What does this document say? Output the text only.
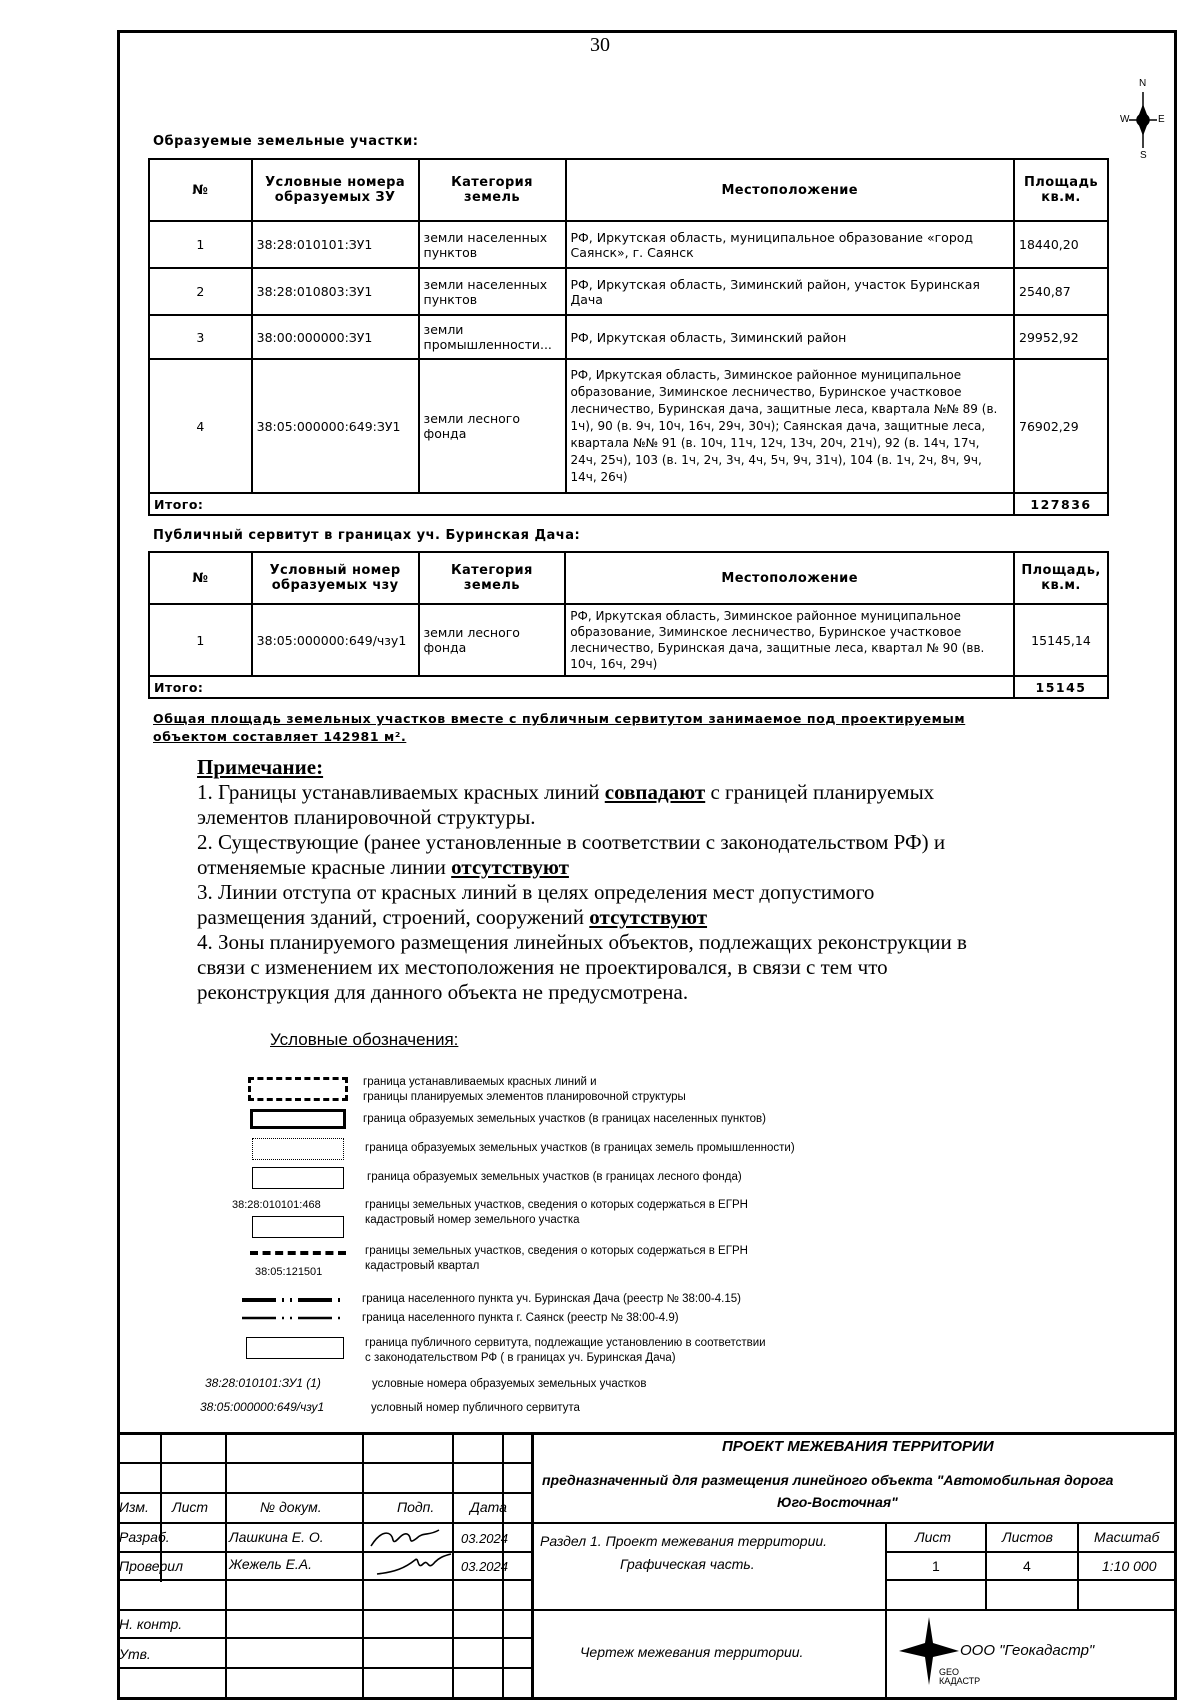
30
N
S
W	E
Образуемые земельные участки:
№	Условные номера образуемых ЗУ	Категория земель	Местоположение	Площадь кв.м.
1	38:28:010101:ЗУ1	земли населенных пунктов	РФ, Иркутская область, муниципальное образование «город Саянск», г. Саянск	18440,20
2	38:28:010803:ЗУ1	земли населенных пунктов	РФ, Иркутская область, Зиминский район, участок Буринская Дача	2540,87
3	38:00:000000:ЗУ1	земли промышленности...	РФ, Иркутская область, Зиминский район	29952,92
4	38:05:000000:649:ЗУ1	земли лесного фонда	РФ, Иркутская область, Зиминское районное муниципальное образование, Зиминское лесничество, Буринское участковое лесничество, Буринская дача, защитные леса, квартала №№ 89 (в. 1ч), 90 (в. 9ч, 10ч, 16ч, 29ч, 30ч); Саянская дача, защитные леса, квартала №№ 91 (в. 10ч, 11ч, 12ч, 13ч, 20ч, 21ч), 92 (в. 14ч, 17ч, 24ч, 25ч), 103 (в. 1ч, 2ч, 3ч, 4ч, 5ч, 9ч, 31ч), 104 (в. 1ч, 2ч, 8ч, 9ч, 14ч, 26ч)	76902,29
Итого:				127836
Публичный сервитут в границах уч. Буринская Дача:
№	Условный номер образуемых чзу	Категория земель	Местоположение	Площадь, кв.м.
1	38:05:000000:649/чзу1	земли лесного фонда	РФ, Иркутская область, Зиминское районное муниципальное образование, Зиминское лесничество, Буринское участковое лесничество, Буринская дача, защитные леса, квартал № 90 (вв. 10ч, 16ч, 29ч)	15145,14
Итого:				15145
Общая площадь земельных участков вместе с публичным сервитутом занимаемое под проектируемым
объектом составляет 142981 м².
Примечание:
1. Границы устанавливаемых красных линий совпадают с границей планируемых элементов планировочной структуры.
2. Существующие (ранее установленные в соответствии с законодательством РФ) и отменяемые красные линии отсутствуют
3. Линии отступа от красных линий в целях определения мест допустимого размещения зданий, строений, сооружений отсутствуют
4. Зоны планируемого размещения линейных объектов, подлежащих реконструкции в связи с изменением их местоположения не проектировался, в связи с тем что реконструкция для данного объекта не предусмотрена.
Условные обозначения:
граница устанавливаемых красных линий и
границы планируемых элементов планировочной структуры
граница образуемых земельных участков (в границах населенных пунктов)
граница образуемых земельных участков (в границах земель промышленности)
граница образуемых земельных участков (в границах лесного фонда)
38:28:010101:468	границы земельных участков, сведения о которых содержаться в ЕГРН
кадастровый номер земельного участка
38:05:121501
границы земельных участков, сведения о которых содержаться в ЕГРН
кадастровый квартал
граница населенного пункта уч. Буринская Дача (реестр № 38:00-4.15)
граница населенного пункта г. Саянск (реестр № 38:00-4.9)
граница публичного сервитута, подлежащие установлению в соответствии
с законодательством РФ ( в границах уч. Буринская Дача)
38:28:010101:ЗУ1 (1)	условные номера образуемых земельных участков
38:05:000000:649/чзу1	условный номер публичного сервитута
ПРОЕКТ МЕЖЕВАНИЯ ТЕРРИТОРИИ
предназначенный для размещения линейного объекта "Автомобильная дорога
Юго-Восточная"
Изм. Лист	№ докум.	Подп.	Дата
Разраб.	Лашкина Е. О.	03.2024
Проверил	Жежель Е.А.	03.2024
Н. контр.
Утв.
Раздел 1. Проект межевания территории.
Графическая часть.
Лист	Листов	Масштаб
1	4	1:10 000
Чертеж межевания территории.
GEO
КАДАСТР
ООО "Геокадастр"
